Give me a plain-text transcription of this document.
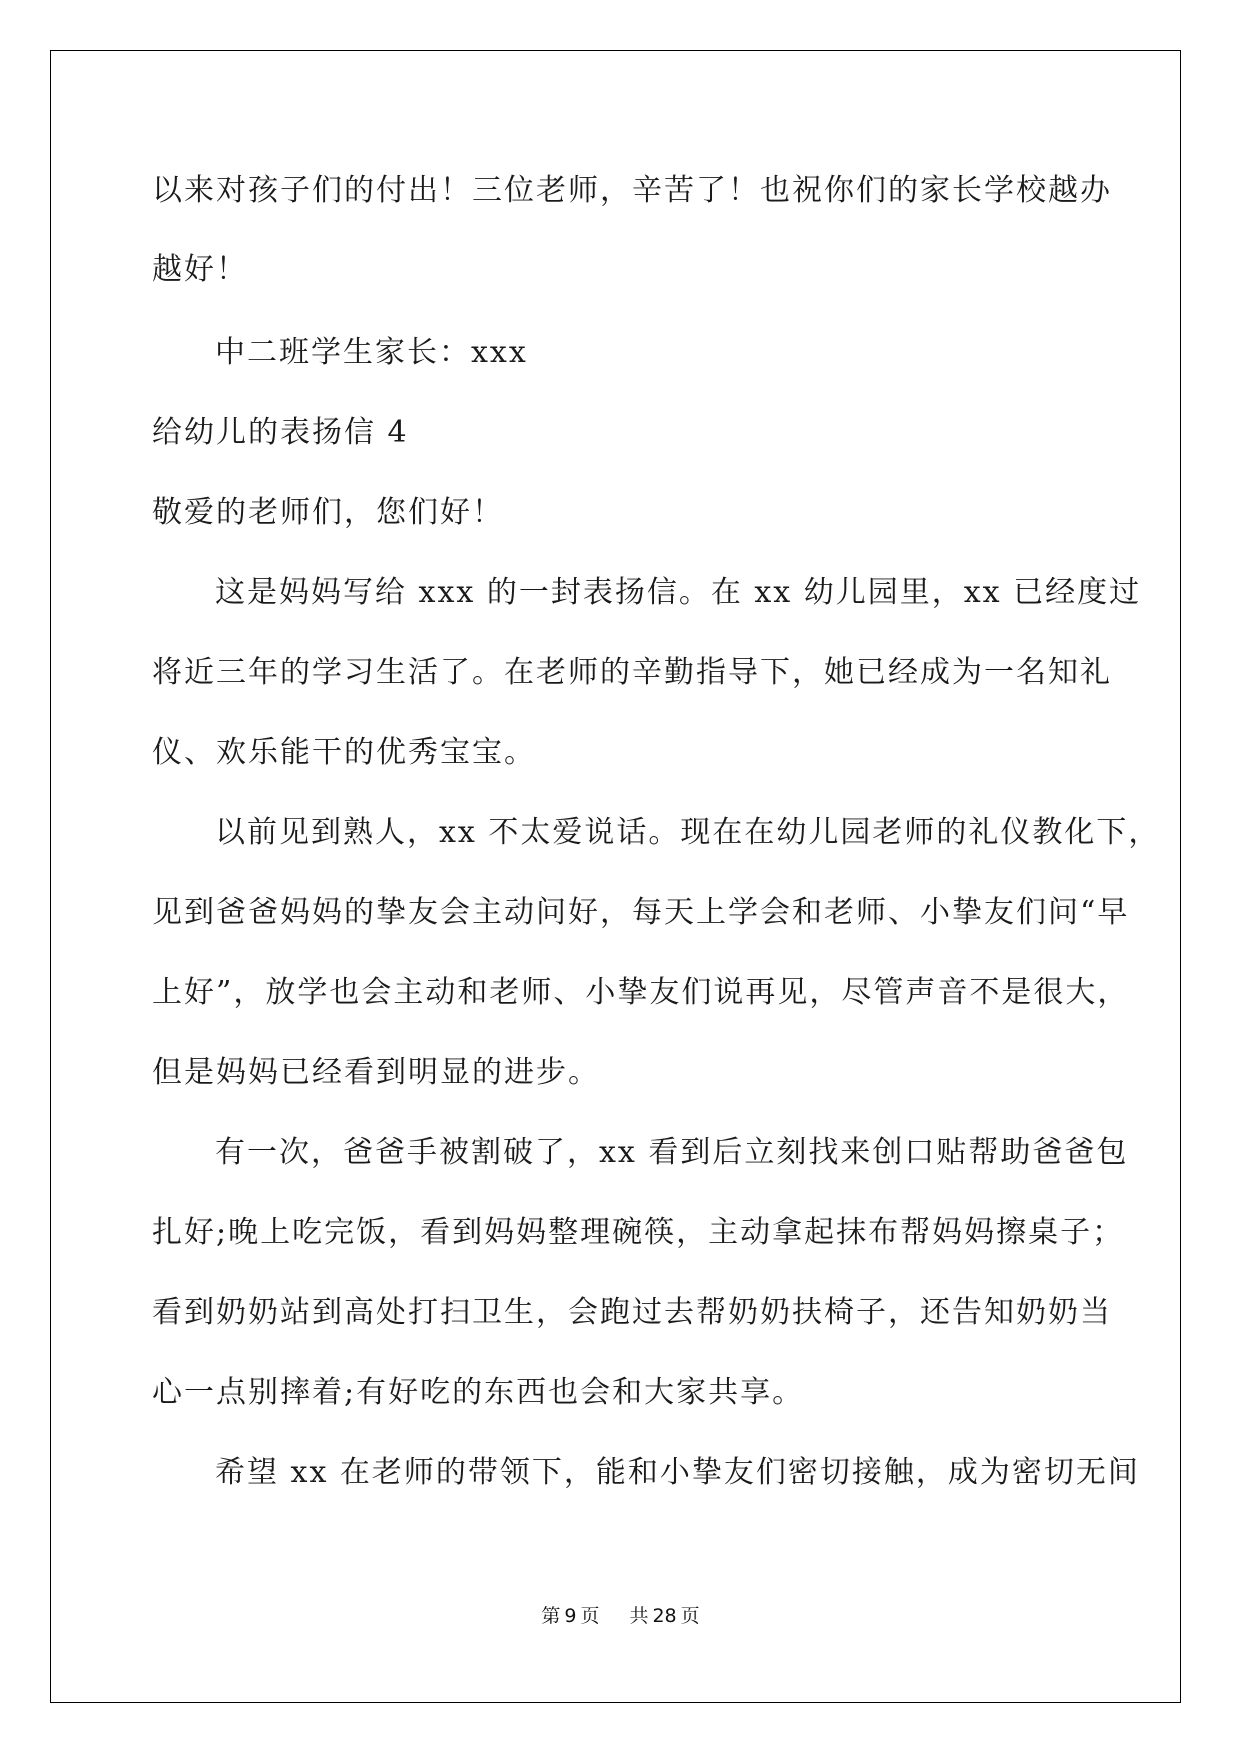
以来对孩子们的付出！三位老师，辛苦了！也祝你们的家长学校越办
越好！
中二班学生家长：xxx
给幼儿的表扬信 4
敬爱的老师们，您们好！
这是妈妈写给 xxx 的一封表扬信。在 xx 幼儿园里，xx 已经度过
将近三年的学习生活了。在老师的辛勤指导下，她已经成为一名知礼
仪、欢乐能干的优秀宝宝。
以前见到熟人，xx 不太爱说话。现在在幼儿园老师的礼仪教化下，
见到爸爸妈妈的挚友会主动问好，每天上学会和老师、小挚友们问“早
上好”，放学也会主动和老师、小挚友们说再见，尽管声音不是很大，
但是妈妈已经看到明显的进步。
有一次，爸爸手被割破了，xx 看到后立刻找来创口贴帮助爸爸包
扎好;晚上吃完饭，看到妈妈整理碗筷，主动拿起抹布帮妈妈擦桌子；
看到奶奶站到高处打扫卫生，会跑过去帮奶奶扶椅子，还告知奶奶当
心一点别摔着;有好吃的东西也会和大家共享。
希望 xx 在老师的带领下，能和小挚友们密切接触，成为密切无间
第 9 页 共 28 页
